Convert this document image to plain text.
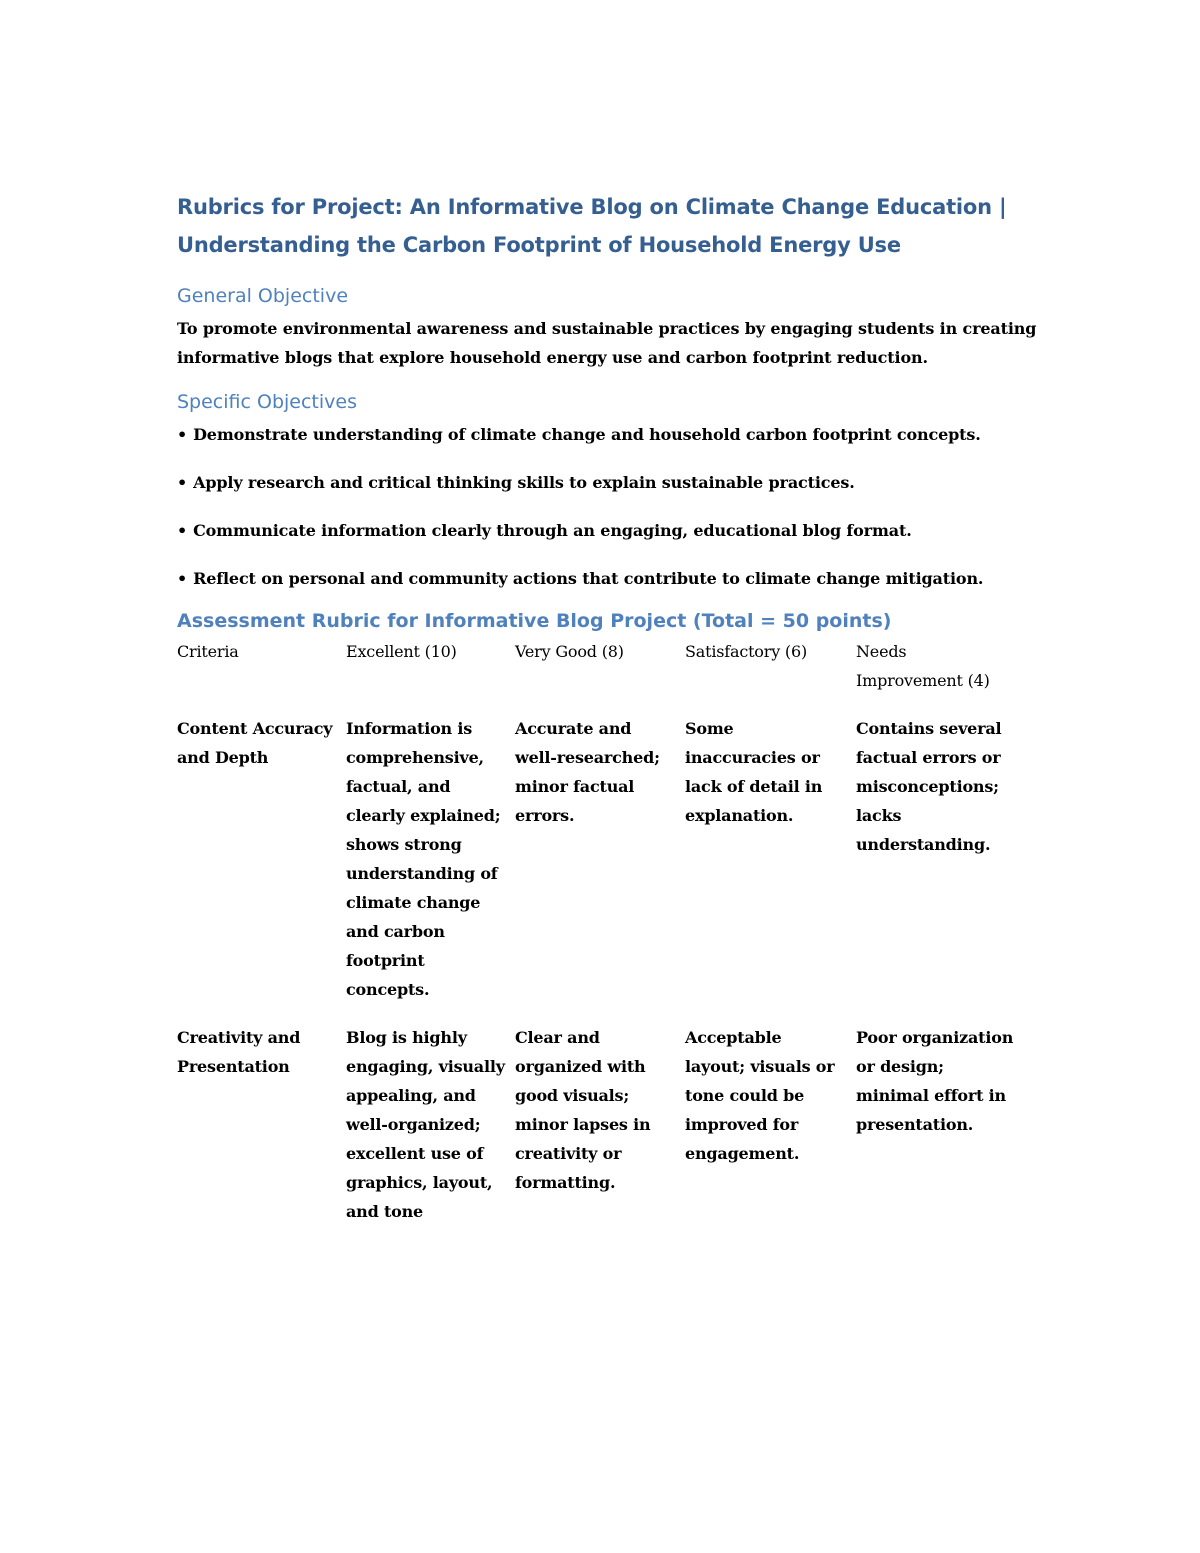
Rubrics for Project: An Informative Blog on Climate Change Education |
Understanding the Carbon Footprint of Household Energy Use
General Objective

To promote environmental awareness and sustainable practices by engaging students in creating informative blogs that explore household energy use and carbon footprint reduction.

Specific Objectives
• Demonstrate understanding of climate change and household carbon footprint concepts.
• Apply research and critical thinking skills to explain sustainable practices.
• Communicate information clearly through an engaging, educational blog format.
• Reflect on personal and community actions that contribute to climate change mitigation.
Assessment Rubric for Informative Blog Project (Total = 50 points)
Criteria	Excellent (10)	Very Good (8)	Satisfactory (6)	Needs Improvement (4)
Content Accuracy and Depth	Information is comprehensive, factual, and clearly explained; shows strong understanding of climate change and carbon footprint concepts.	Accurate and well-researched; minor factual errors.	Some inaccuracies or lack of detail in explanation.	Contains several factual errors or misconceptions; lacks understanding.
Creativity and Presentation	Blog is highly engaging, visually appealing, and well-organized; excellent use of graphics, layout, and tone	Clear and organized with good visuals; minor lapses in creativity or formatting.	Acceptable layout; visuals or tone could be improved for engagement.	Poor organization or design; minimal effort in presentation.
